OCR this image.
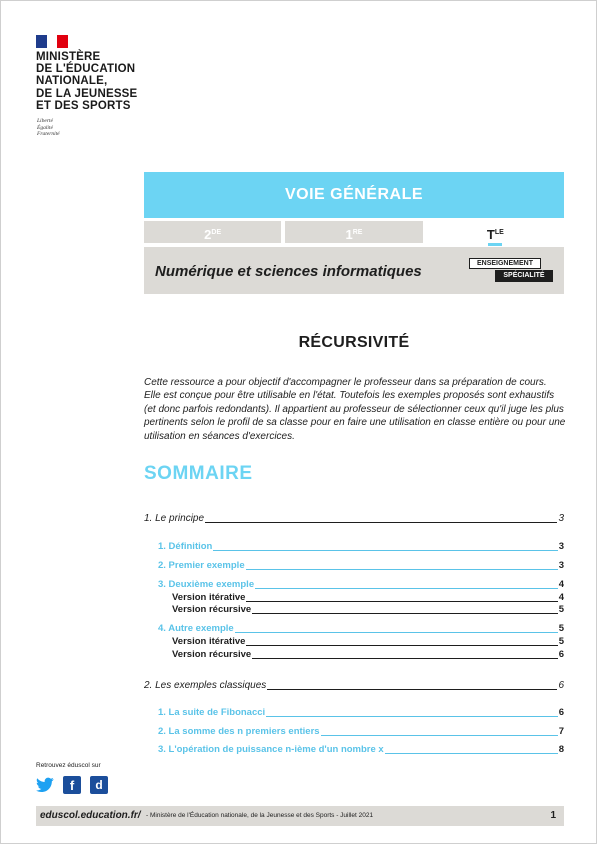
MINISTÈRE
DE L'ÉDUCATION
NATIONALE,
DE LA JEUNESSE
ET DES SPORTS
Liberté
Égalité
Fraternité
VOIE GÉNÉRALE
2DE	1RE	$T^{LE}$
Numérique et sciences informatiques	ENSEIGNEMENT
SPÉCIALITÉ
RÉCURSIVITÉ
Cette ressource a pour objectif d'accompagner le professeur dans sa préparation de cours. Elle est conçue pour être utilisable en l'état. Toutefois les exemples proposés sont exhaustifs (et donc parfois redondants). Il appartient au professeur de sélectionner ceux qu'il juge les plus pertinents selon le profil de sa classe pour en faire une utilisation en classe entière ou pour une utilisation en séances d'exercices.
SOMMAIRE
1. Le principe	3
1. Définition	3
2. Premier exemple	3
3. Deuxième exemple	4
Version itérative	4
Version récursive	5
4. Autre exemple	5
Version itérative	5
Version récursive	6
2. Les exemples classiques	6
1. La suite de Fibonacci	6
2. La somme des n premiers entiers	7
3. L'opération de puissance n-ième d'un nombre x	8
Retrouvez éduscol sur
f	d
eduscol.education.fr/ - Ministère de l'Éducation nationale, de la Jeunesse et des Sports - Juillet 2021	1
